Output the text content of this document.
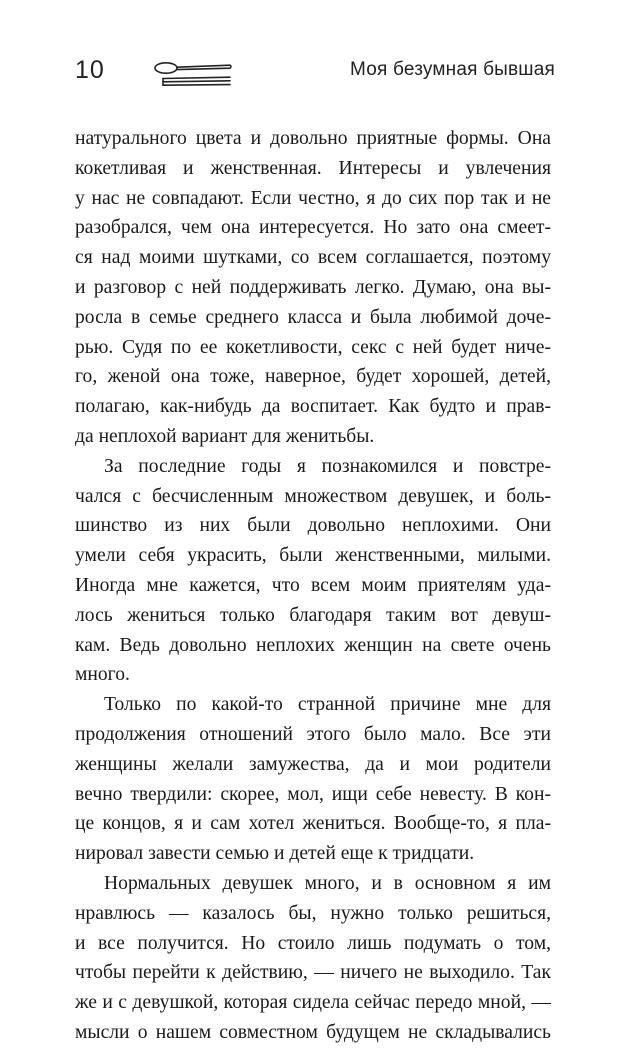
10	Моя безумная бывшая
натурального цвета и довольно приятные формы. Она
кокетливая и женственная. Интересы и увлечения
у нас не совпадают. Если честно, я до сих пор так и не
разобрался, чем она интересуется. Но зато она смеет-
ся над моими шутками, со всем соглашается, поэтому
и разговор с ней поддерживать легко. Думаю, она вы-
росла в семье среднего класса и была любимой доче-
рью. Судя по ее кокетливости, секс с ней будет ниче-
го, женой она тоже, наверное, будет хорошей, детей,
полагаю, как-нибудь да воспитает. Как будто и прав-
да неплохой вариант для женитьбы.
За последние годы я познакомился и повстре-
чался с бесчисленным множеством девушек, и боль-
шинство из них были довольно неплохими. Они
умели себя украсить, были женственными, милыми.
Иногда мне кажется, что всем моим приятелям уда-
лось жениться только благодаря таким вот девуш-
кам. Ведь довольно неплохих женщин на свете очень
много.
Только по какой-то странной причине мне для
продолжения отношений этого было мало. Все эти
женщины желали замужества, да и мои родители
вечно твердили: скорее, мол, ищи себе невесту. В кон-
це концов, я и сам хотел жениться. Вообще-то, я пла-
нировал завести семью и детей еще к тридцати.
Нормальных девушек много, и в основном я им
нравлюсь — казалось бы, нужно только решиться,
и все получится. Но стоило лишь подумать о том,
чтобы перейти к действию, — ничего не выходило. Так
же и с девушкой, которая сидела сейчас передо мной, —
мысли о нашем совместном будущем не складывались
